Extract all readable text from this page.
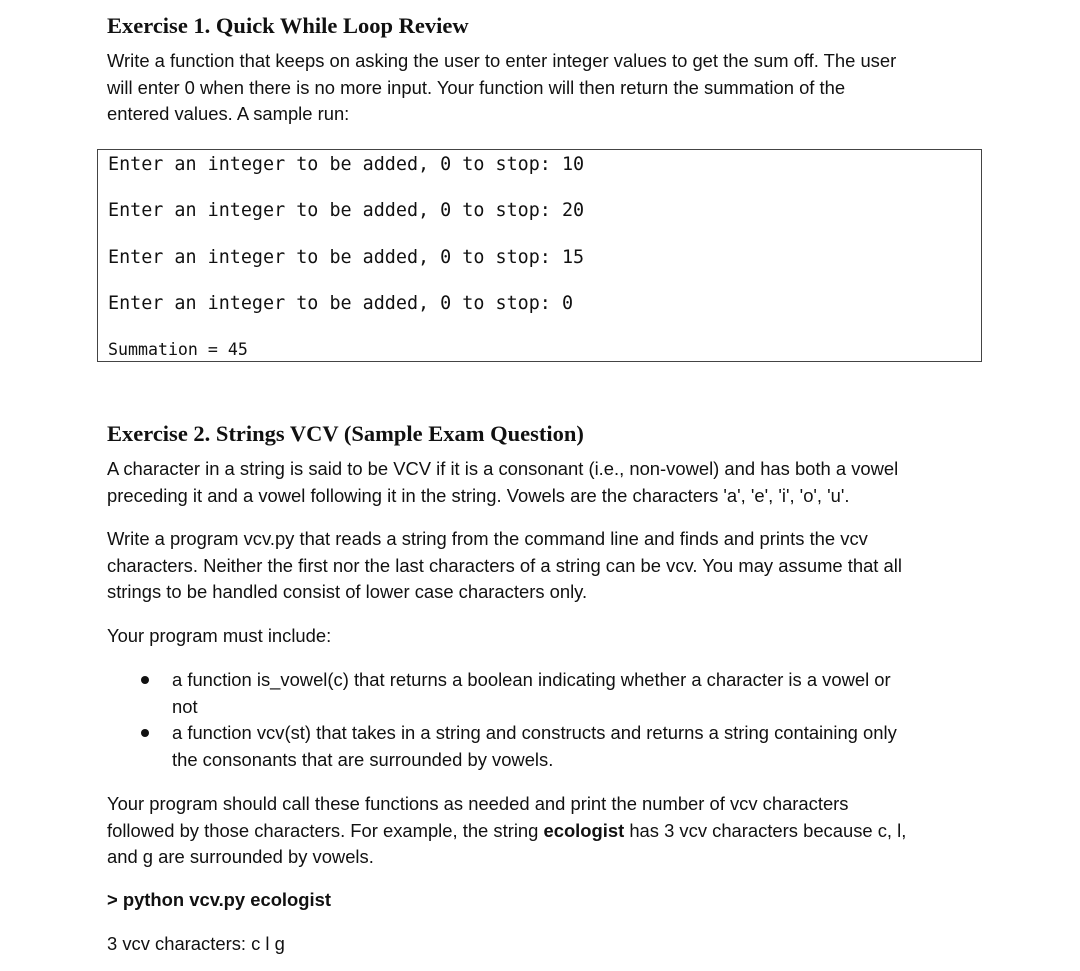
Exercise 1. Quick While Loop Review

Write a function that keeps on asking the user to enter integer values to get the sum off. The user
will enter 0 when there is no more input. Your function will then return the summation of the
entered values. A sample run:

Enter an integer to be added, 0 to stop: 10
Enter an integer to be added, 0 to stop: 20
Enter an integer to be added, 0 to stop: 15
Enter an integer to be added, 0 to stop: 0
Summation = 45
Exercise 2. Strings VCV (Sample Exam Question)

A character in a string is said to be VCV if it is a consonant (i.e., non-vowel) and has both a vowel
preceding it and a vowel following it in the string. Vowels are the characters 'a', 'e', 'i', 'o', 'u'.

Write a program vcv.py that reads a string from the command line and finds and prints the vcv
characters. Neither the first nor the last characters of a string can be vcv. You may assume that all
strings to be handled consist of lower case characters only.

Your program must include:

a function is_vowel(c) that returns a boolean indicating whether a character is a vowel or
not
a function vcv(st) that takes in a string and constructs and returns a string containing only
the consonants that are surrounded by vowels.

Your program should call these functions as needed and print the number of vcv characters
followed by those characters. For example, the string ecologist has 3 vcv characters because c, l,
and g are surrounded by vowels.

> python vcv.py ecologist
3 vcv characters: c l g
